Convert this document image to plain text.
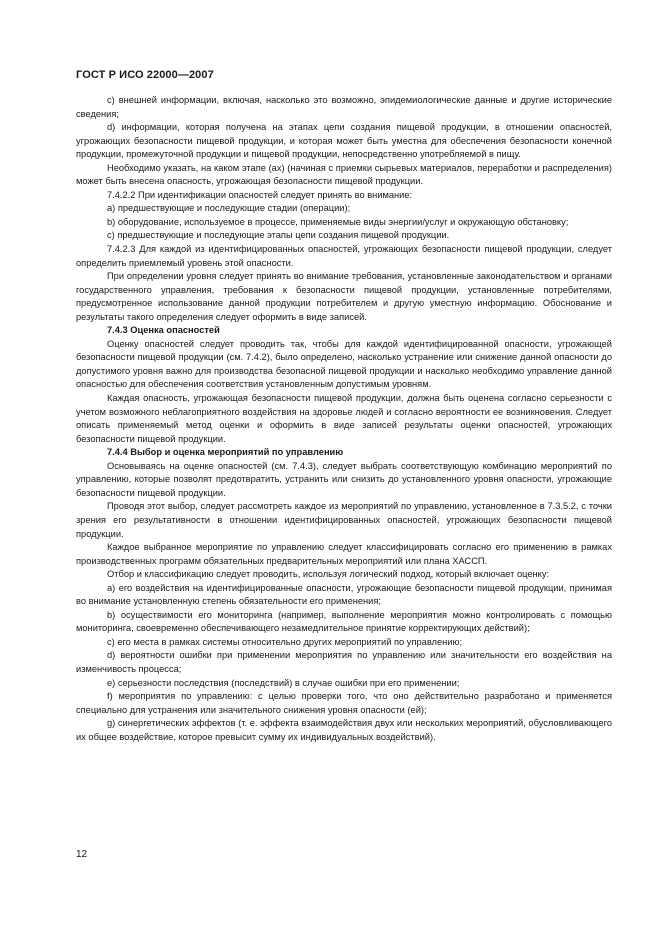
ГОСТ Р ИСО 22000—2007

c) внешней информации, включая, насколько это возможно, эпидемиологические данные и другие исторические сведения;

d) информации, которая получена на этапах цепи создания пищевой продукции, в отношении опасностей, угрожающих безопасности пищевой продукции, и которая может быть уместна для обеспечения безопасности конечной продукции, промежуточной продукции и пищевой продукции, непосредственно употребляемой в пищу.

Необходимо указать, на каком этапе (ах) (начиная с приемки сырьевых материалов, переработки и распределения) может быть внесена опасность, угрожающая безопасности пищевой продукции.

7.4.2.2 При идентификации опасностей следует принять во внимание:

a) предшествующие и последующие стадии (операции);

b) оборудование, используемое в процессе, применяемые виды энергии/услуг и окружающую обстановку;

c) предшествующие и последующие этапы цепи создания пищевой продукции.

7.4.2.3 Для каждой из идентифицированных опасностей, угрожающих безопасности пищевой продукции, следует определить приемлемый уровень этой опасности.

При определении уровня следует принять во внимание требования, установленные законодательством и органами государственного управления, требования к безопасности пищевой продукции, установленные потребителями, предусмотренное использование данной продукции потребителем и другую уместную информацию. Обоснование и результаты такого определения следует оформить в виде записей.

7.4.3 Оценка опасностей

Оценку опасностей следует проводить так, чтобы для каждой идентифицированной опасности, угрожающей безопасности пищевой продукции (см. 7.4.2), было определено, насколько устранение или снижение данной опасности до допустимого уровня важно для производства безопасной пищевой продукции и насколько необходимо управление данной опасностью для обеспечения соответствия установленным допустимым уровням.

Каждая опасность, угрожающая безопасности пищевой продукции, должна быть оценена согласно серьезности с учетом возможного неблагоприятного воздействия на здоровье людей и согласно вероятности ее возникновения. Следует описать применяемый метод оценки и оформить в виде записей результаты оценки опасностей, угрожающих безопасности пищевой продукции.

7.4.4 Выбор и оценка мероприятий по управлению

Основываясь на оценке опасностей (см. 7.4.3), следует выбрать соответствующую комбинацию мероприятий по управлению, которые позволят предотвратить, устранить или снизить до установленного уровня опасности, угрожающие безопасности пищевой продукции.

Проводя этот выбор, следует рассмотреть каждое из мероприятий по управлению, установленное в 7.3.5.2, с точки зрения его результативности в отношении идентифицированных опасностей, угрожающих безопасности пищевой продукции.

Каждое выбранное мероприятие по управлению следует классифицировать согласно его применению в рамках производственных программ обязательных предварительных мероприятий или плана ХАССП.

Отбор и классификацию следует проводить, используя логический подход, который включает оценку:

a) его воздействия на идентифицированные опасности, угрожающие безопасности пищевой продукции, принимая во внимание установленную степень обязательности его применения;

b) осуществимости его мониторинга (например, выполнение мероприятия можно контролировать с помощью мониторинга, своевременно обеспечивающего незамедлительное принятие корректирующих действий);

c) его места в рамках системы относительно других мероприятий по управлению;

d) вероятности ошибки при применении мероприятия по управлению или значительности его воздействия на изменчивость процесса;

e) серьезности последствия (последствий) в случае ошибки при его применении;

f) мероприятия по управлению: с целью проверки того, что оно действительно разработано и применяется специально для устранения или значительного снижения уровня опасности (ей);

g) синергетических эффектов (т. е. эффекта взаимодействия двух или нескольких мероприятий, обусловливающего их общее воздействие, которое превысит сумму их индивидуальных воздействий).

12
